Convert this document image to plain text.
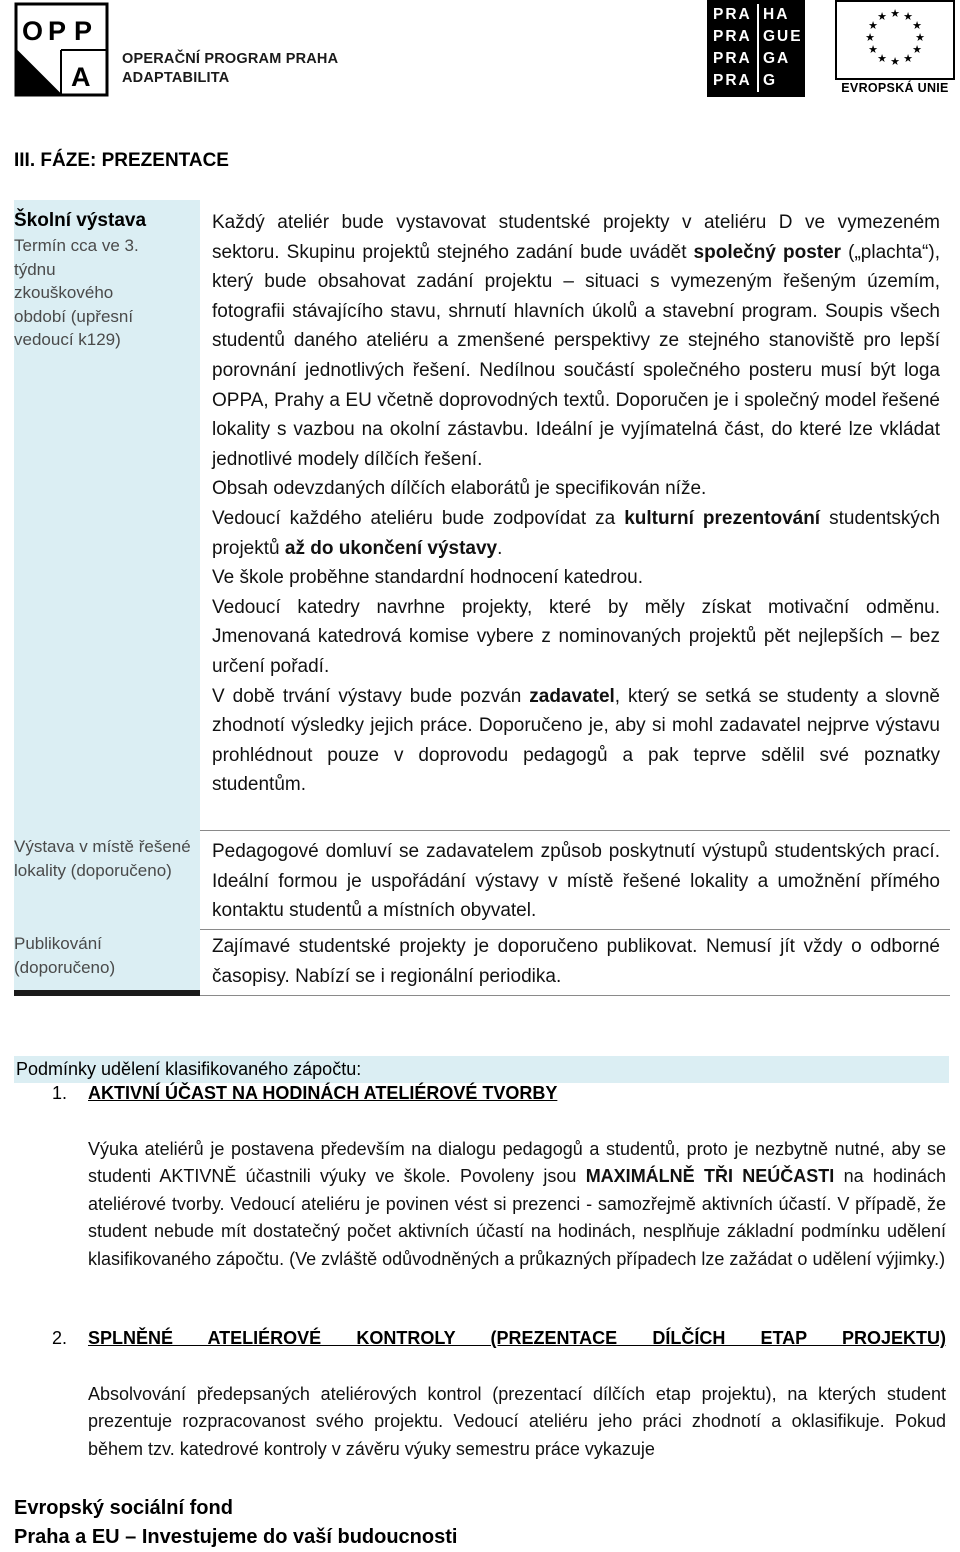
O P P
A
OPERAČNÍ PROGRAM PRAHA
ADAPTABILITA
PRA
PRA
PRA
PRA
HA
GUE
GA
G
★ ★
★
★
★
★
★
★
★
★
★
★
EVROPSKÁ UNIE
III. FÁZE: PREZENTACE
Školní výstava
Termín cca ve 3. týdnu zkouškového období (upřesní vedoucí k129)

Každý ateliér bude vystavovat studentské projekty v ateliéru D ve vymezeném sektoru. Skupinu projektů stejného zadání bude uvádět společný poster („plachta“), který bude obsahovat zadání projektu – situaci s vymezeným řešeným územím, fotografii stávajícího stavu, shrnutí hlavních úkolů a stavební program. Soupis všech studentů daného ateliéru a zmenšené perspektivy ze stejného stanoviště pro lepší porovnání jednotlivých řešení. Nedílnou součástí společného posteru musí být loga OPPA, Prahy a EU včetně doprovodných textů. Doporučen je i společný model řešené lokality s vazbou na okolní zástavbu. Ideální je vyjímatelná část, do které lze vkládat jednotlivé modely dílčích řešení.

Obsah odevzdaných dílčích elaborátů je specifikován níže.

Vedoucí každého ateliéru bude zodpovídat za kulturní prezentování studentských projektů až do ukončení výstavy.

Ve škole proběhne standardní hodnocení katedrou.

Vedoucí katedry navrhne projekty, které by měly získat motivační odměnu. Jmenovaná katedrová komise vybere z nominovaných projektů pět nejlepších – bez určení pořadí.

V době trvání výstavy bude pozván zadavatel, který se setká se studenty a slovně zhodnotí výsledky jejich práce. Doporučeno je, aby si mohl zadavatel nejprve výstavu prohlédnout pouze v doprovodu pedagogů a pak teprve sdělil své poznatky studentům.

Výstava v místě řešené lokality (doporučeno)

Pedagogové domluví se zadavatelem způsob poskytnutí výstupů studentských prací. Ideální formou je uspořádání výstavy v místě řešené lokality a umožnění přímého kontaktu studentů a místních obyvatel.

Publikování (doporučeno)

Zajímavé studentské projekty je doporučeno publikovat. Nemusí jít vždy o odborné časopisy. Nabízí se i regionální periodika.

Podmínky udělení klasifikovaného zápočtu:
1. AKTIVNÍ ÚČAST NA HODINÁCH ATELIÉROVÉ TVORBY

Výuka ateliérů je postavena především na dialogu pedagogů a studentů, proto je nezbytně nutné, aby se studenti AKTIVNĚ účastnili výuky ve škole. Povoleny jsou MAXIMÁLNĚ TŘI NEÚČASTI na hodinách ateliérové tvorby. Vedoucí ateliéru je povinen vést si prezenci - samozřejmě aktivních účastí. V případě, že student nebude mít dostatečný počet aktivních účastí na hodinách, nesplňuje základní podmínku udělení klasifikovaného zápočtu. (Ve zvláště odůvodněných a průkazných případech lze zažádat o udělení výjimky.)

2. SPLNĚNÉ ATELIÉROVÉ KONTROLY (PREZENTACE DÍLČÍCH ETAP PROJEKTU)

Absolvování předepsaných ateliérových kontrol (prezentací dílčích etap projektu), na kterých student prezentuje rozpracovanost svého projektu. Vedoucí ateliéru jeho práci zhodnotí a oklasifikuje. Pokud během tzv. katedrové kontroly v závěru výuky semestru práce vykazuje

Evropský sociální fond
Praha a EU – Investujeme do vaší budoucnosti
